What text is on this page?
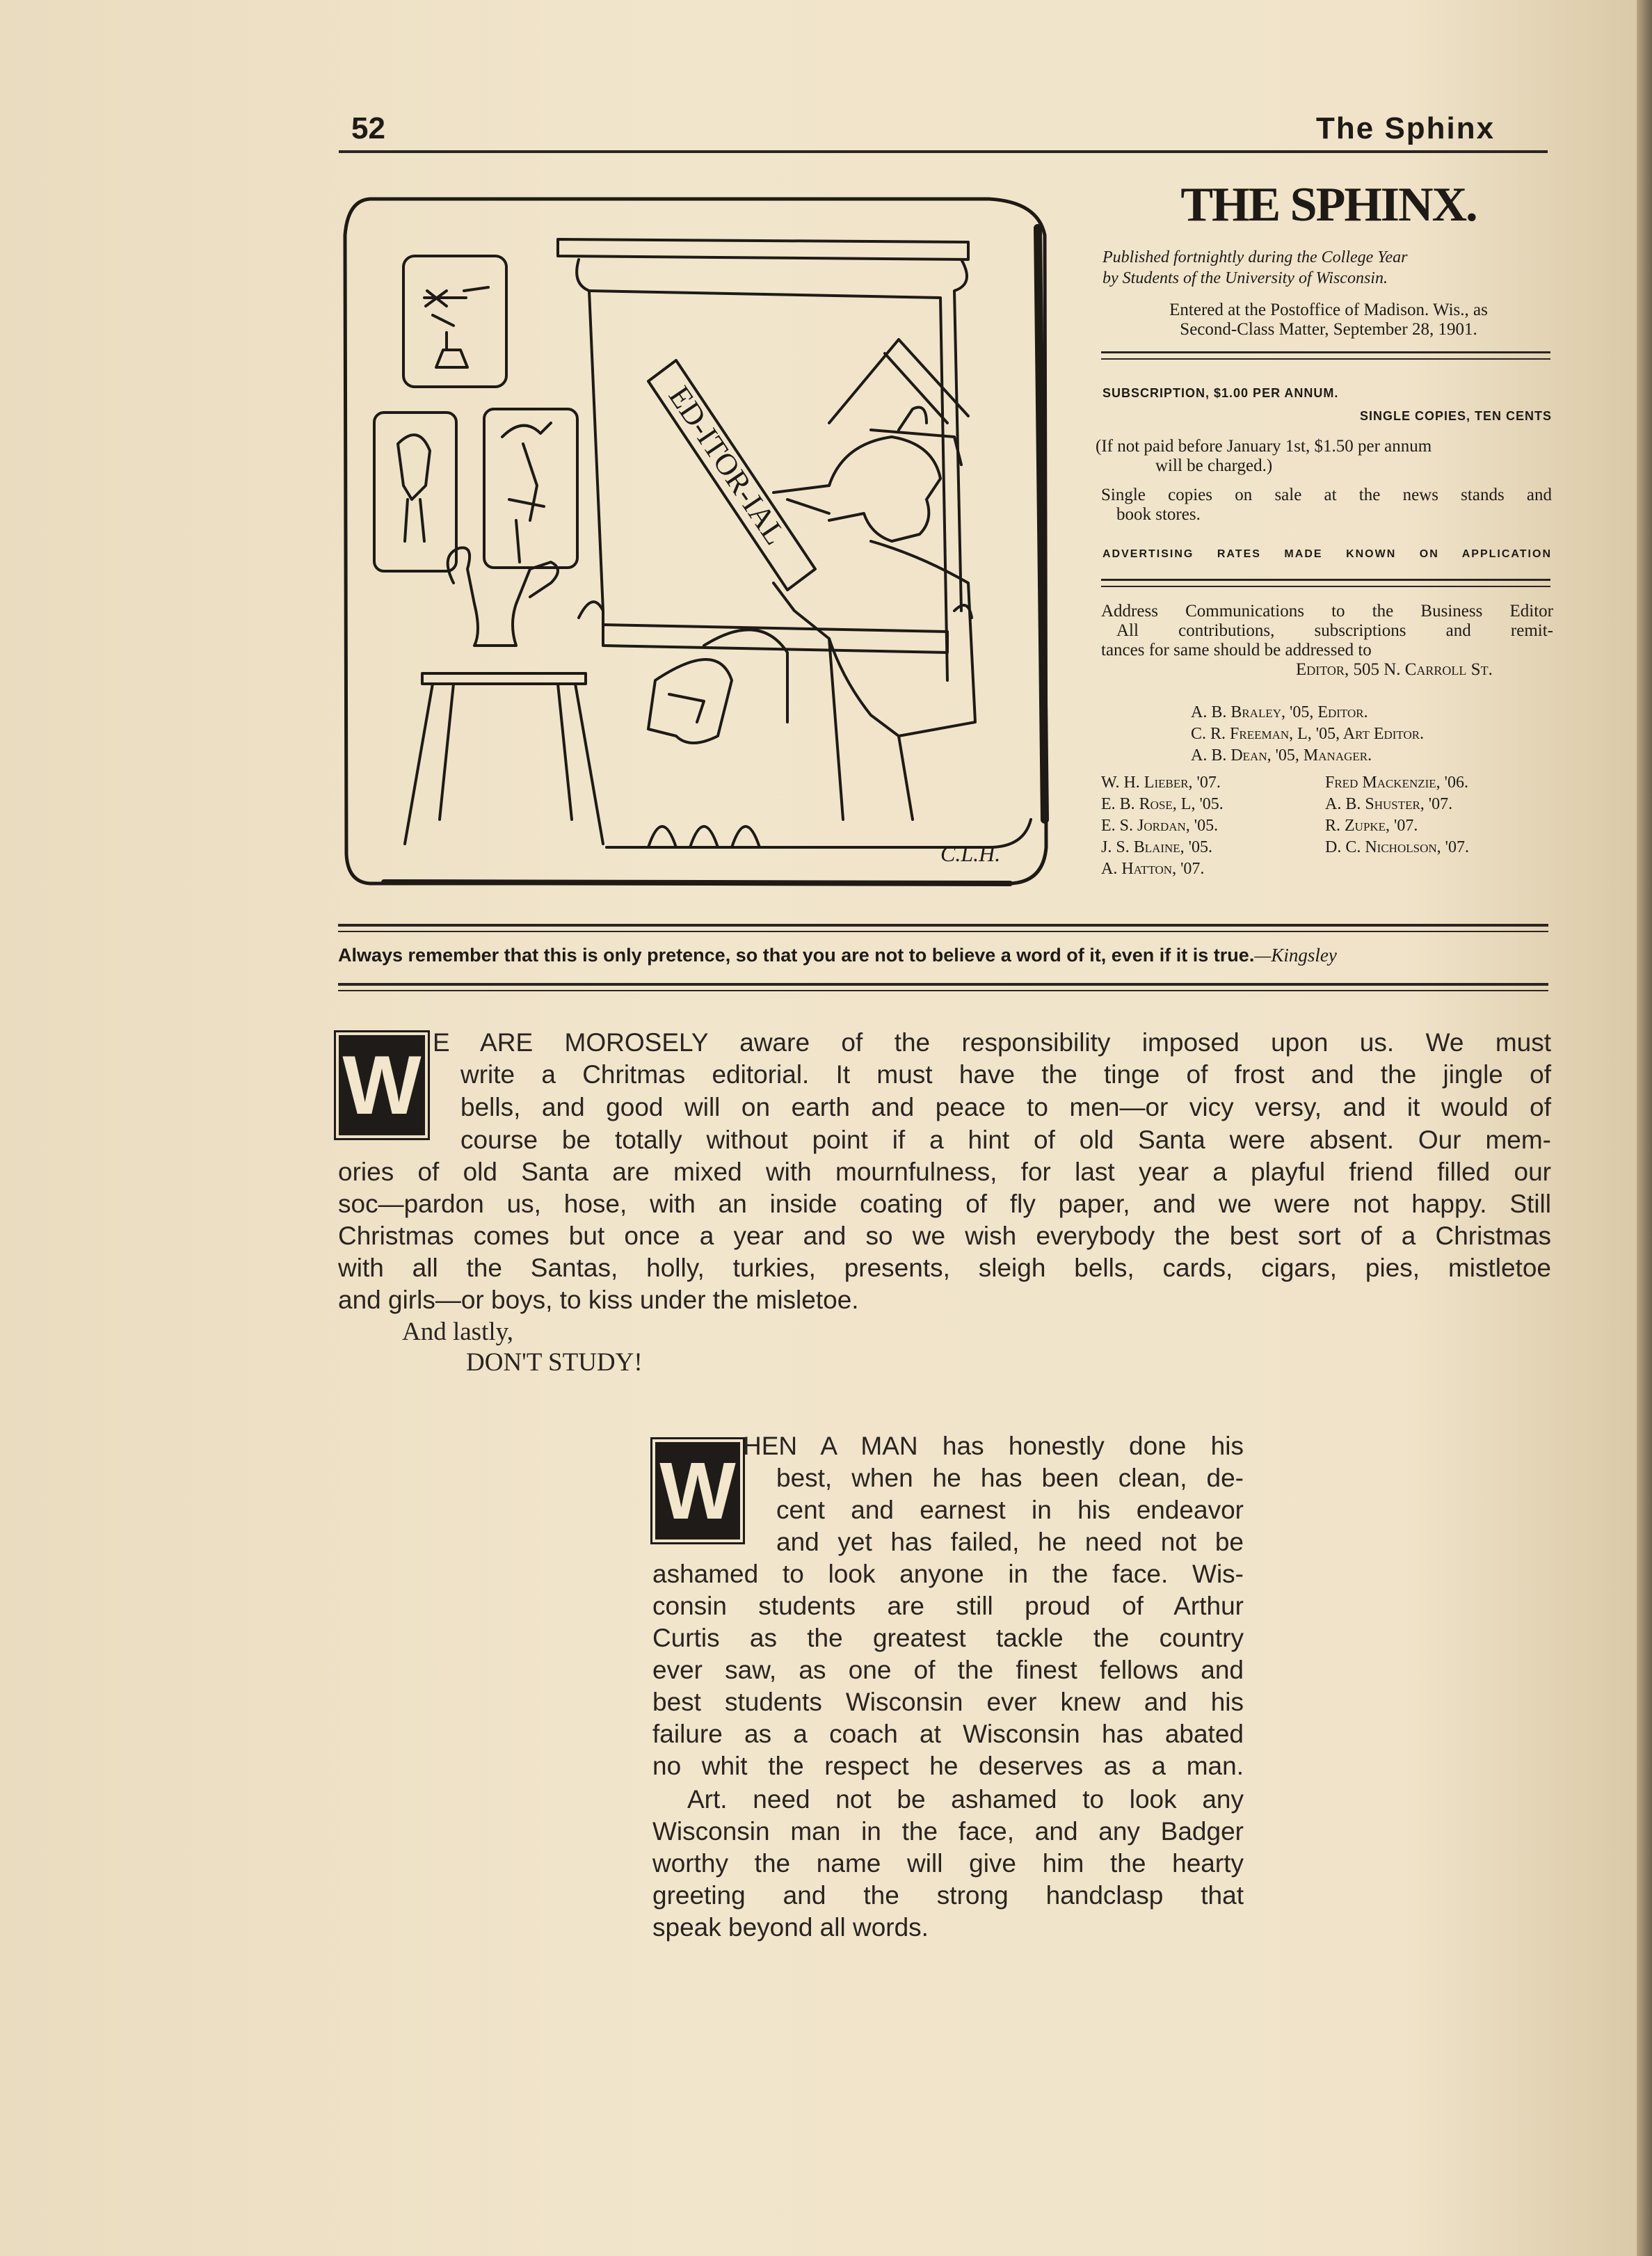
52	The Sphinx
ED-ITOR-IAL
C.L.H.
THE SPHINX.
Published fortnightly during the College Year
by Students of the University of Wisconsin.
Entered at the Postoffice of Madison. Wis., as
Second-Class Matter, September 28, 1901.
SUBSCRIPTION, $1.00 PER ANNUM.
SINGLE COPIES, TEN CENTS
(If not paid before January 1st, $1.50 per annum
will be charged.)
Single copies on sale at the news stands and
book stores.
ADVERTISING RATES MADE KNOWN ON APPLICATION
Address Communications to the Business Editor
All contributions, subscriptions and remit-
tances for same should be addressed to
Editor, 505 N. Carroll St.
A. B. Braley, '05, Editor.
C. R. Freeman, L, '05, Art Editor.
A. B. Dean, '05, Manager.
W. H. Lieber, '07.
E. B. Rose, L, '05.
E. S. Jordan, '05.
J. S. Blaine, '05.
A. Hatton, '07.
Fred Mackenzie, '06.
A. B. Shuster, '07.
R. Zupke, '07.
D. C. Nicholson, '07.
Always remember that this is only pretence, so that you are not to believe a word of it, even if it is true.—Kingsley
W E ARE MOROSELY aware of the responsibility imposed upon us. We must
write a Chritmas editorial. It must have the tinge of frost and the jingle of
bells, and good will on earth and peace to men—or vicy versy, and it would of
course be totally without point if a hint of old Santa were absent. Our mem-
ories of old Santa are mixed with mournfulness, for last year a playful friend filled our
soc—pardon us, hose, with an inside coating of fly paper, and we were not happy. Still
Christmas comes but once a year and so we wish everybody the best sort of a Christmas
with all the Santas, holly, turkies, presents, sleigh bells, cards, cigars, pies, mistletoe
and girls—or boys, to kiss under the misletoe.
And lastly,
DON'T STUDY!
W HEN A MAN has honestly done his
best, when he has been clean, de-
cent and earnest in his endeavor
and yet has failed, he need not be
ashamed to look anyone in the face. Wis-
consin students are still proud of Arthur
Curtis as the greatest tackle the country
ever saw, as one of the finest fellows and
best students Wisconsin ever knew and his
failure as a coach at Wisconsin has abated
no whit the respect he deserves as a man.
Art. need not be ashamed to look any
Wisconsin man in the face, and any Badger
worthy the name will give him the hearty
greeting and the strong handclasp that
speak beyond all words.
